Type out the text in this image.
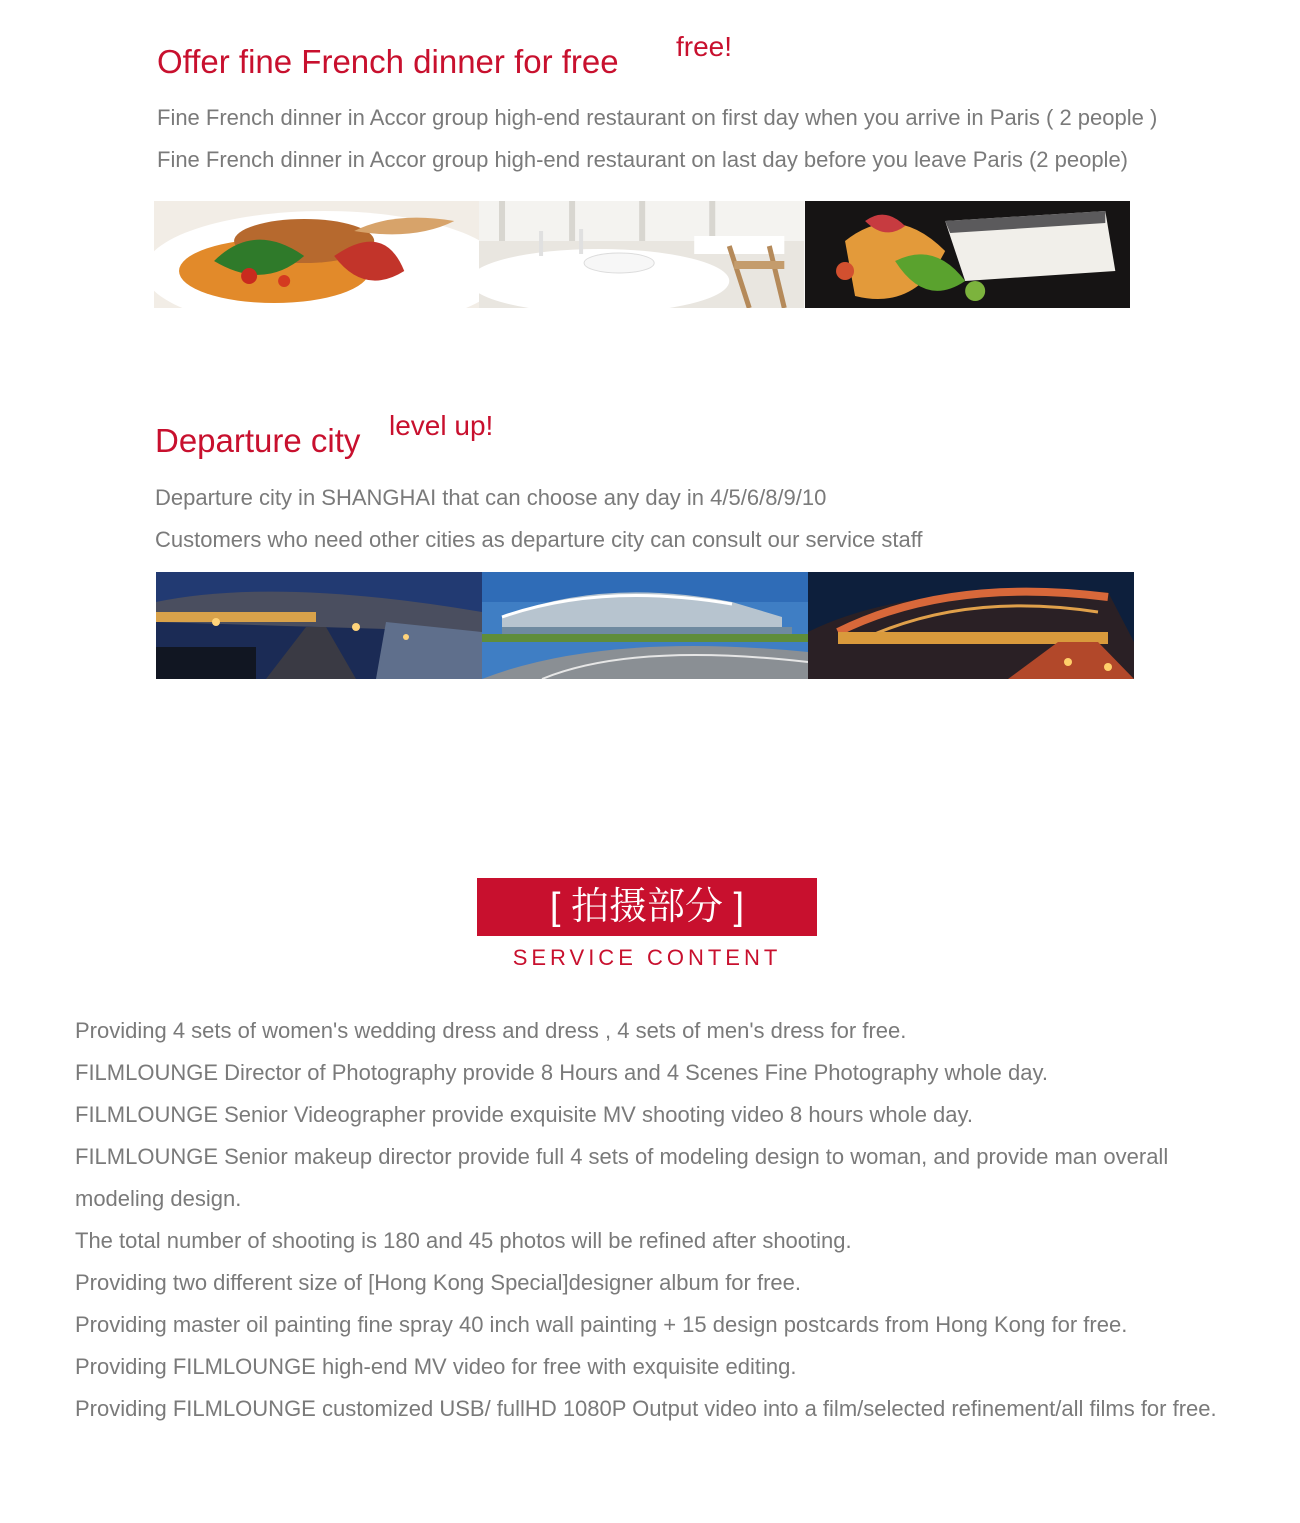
Offer fine French dinner for free free!

Fine French dinner in Accor group high-end restaurant on first day when you arrive in Paris ( 2 people )

Fine French dinner in Accor group high-end restaurant on last day before you leave Paris (2 people)

Departure city level up!

Departure city in SHANGHAI that can choose any day in 4/5/6/8/9/10

Customers who need other cities as departure city can consult our service staff

[ 拍摄部分 ]
SERVICE CONTENT

Providing 4 sets of women's wedding dress and dress , 4 sets of men's dress for free.

FILMLOUNGE Director of Photography provide 8 Hours and 4 Scenes Fine Photography whole day.

FILMLOUNGE Senior Videographer provide exquisite MV shooting video 8 hours whole day.

FILMLOUNGE Senior makeup director provide full 4 sets of modeling design to woman, and provide man overall modeling design.

The total number of shooting is 180 and 45 photos will be refined after shooting.

Providing two different size of [Hong Kong Special]designer album for free.

Providing master oil painting fine spray 40 inch wall painting + 15 design postcards from Hong Kong for free.

Providing FILMLOUNGE high-end MV video for free with exquisite editing.

Providing FILMLOUNGE customized USB/ fullHD 1080P Output video into a film/selected refinement/all films for free.
